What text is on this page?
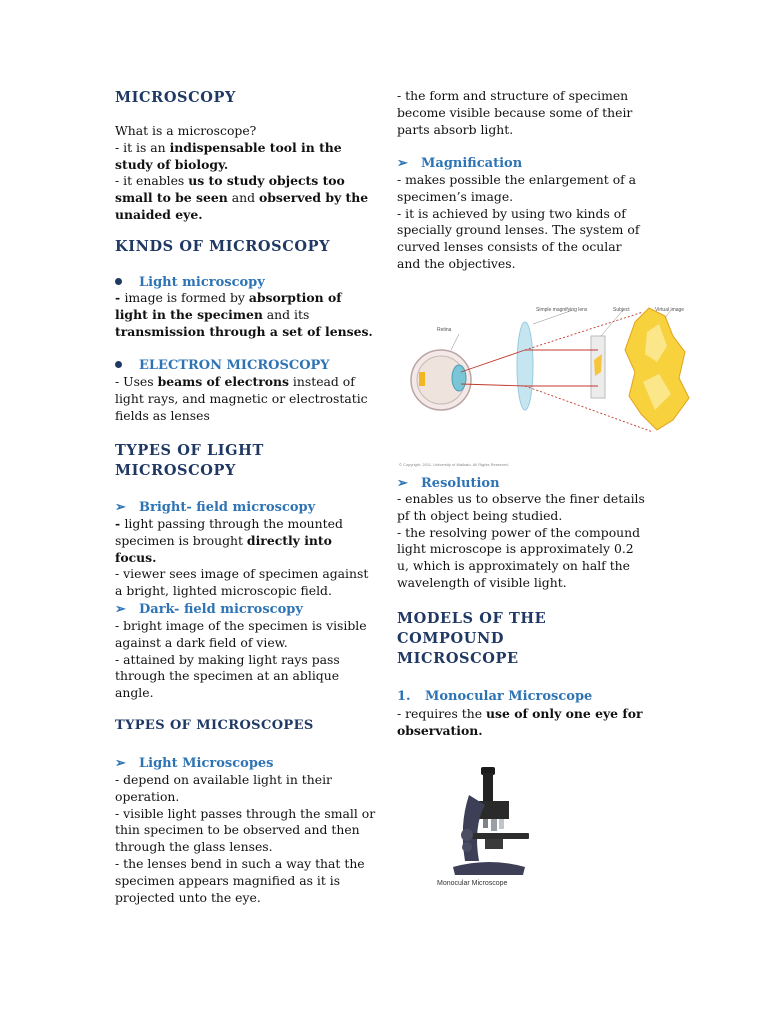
MICROSCOPY
What is a microscope?
- it is an indispensable tool in the study of biology.
- it enables us to study objects too small to be seen and observed by the unaided eye.
KINDS OF MICROSCOPY
Light microscopy
- image is formed by absorption of light in the specimen and its transmission through a set of lenses.
ELECTRON MICROSCOPY
- Uses beams of electrons instead of light rays, and magnetic or electrostatic fields as lenses
TYPES OF LIGHT
MICROSCOPY
➢ Bright- field microscopy
- light passing through the mounted specimen is brought directly into focus.
- viewer sees image of specimen against a bright, lighted microscopic field.
➢ Dark- field microscopy
- bright image of the specimen is visible against a dark field of view.
- attained by making light rays pass through the specimen at an ablique angle.
TYPES OF MICROSCOPES
➢ Light Microscopes
- depend on available light in their operation.
- visible light passes through the small or thin specimen to be observed and then through the glass lenses.
- the lenses bend in such a way that the specimen appears magnified as it is projected unto the eye.
- the form and structure of specimen become visible because some of their parts absorb light.
➢ Magnification
- makes possible the enlargement of a specimen’s image.
- it is achieved by using two kinds of specially ground lenses. The system of curved lenses consists of the ocular and the objectives.
Retina
Simple magnifying lens	Subject	Virtual image
© Copyright, 2011. University of Waikato. All Rights Reserved.
➢ Resolution
- enables us to observe the finer details pf th object being studied.
- the resolving power of the compound light microscope is approximately 0.2 u, which is approximately on half the wavelength of visible light.
MODELS OF THE
COMPOUND
MICROSCOPE
1. Monocular Microscope
- requires the use of only one eye for observation.
Monocular Microscope
